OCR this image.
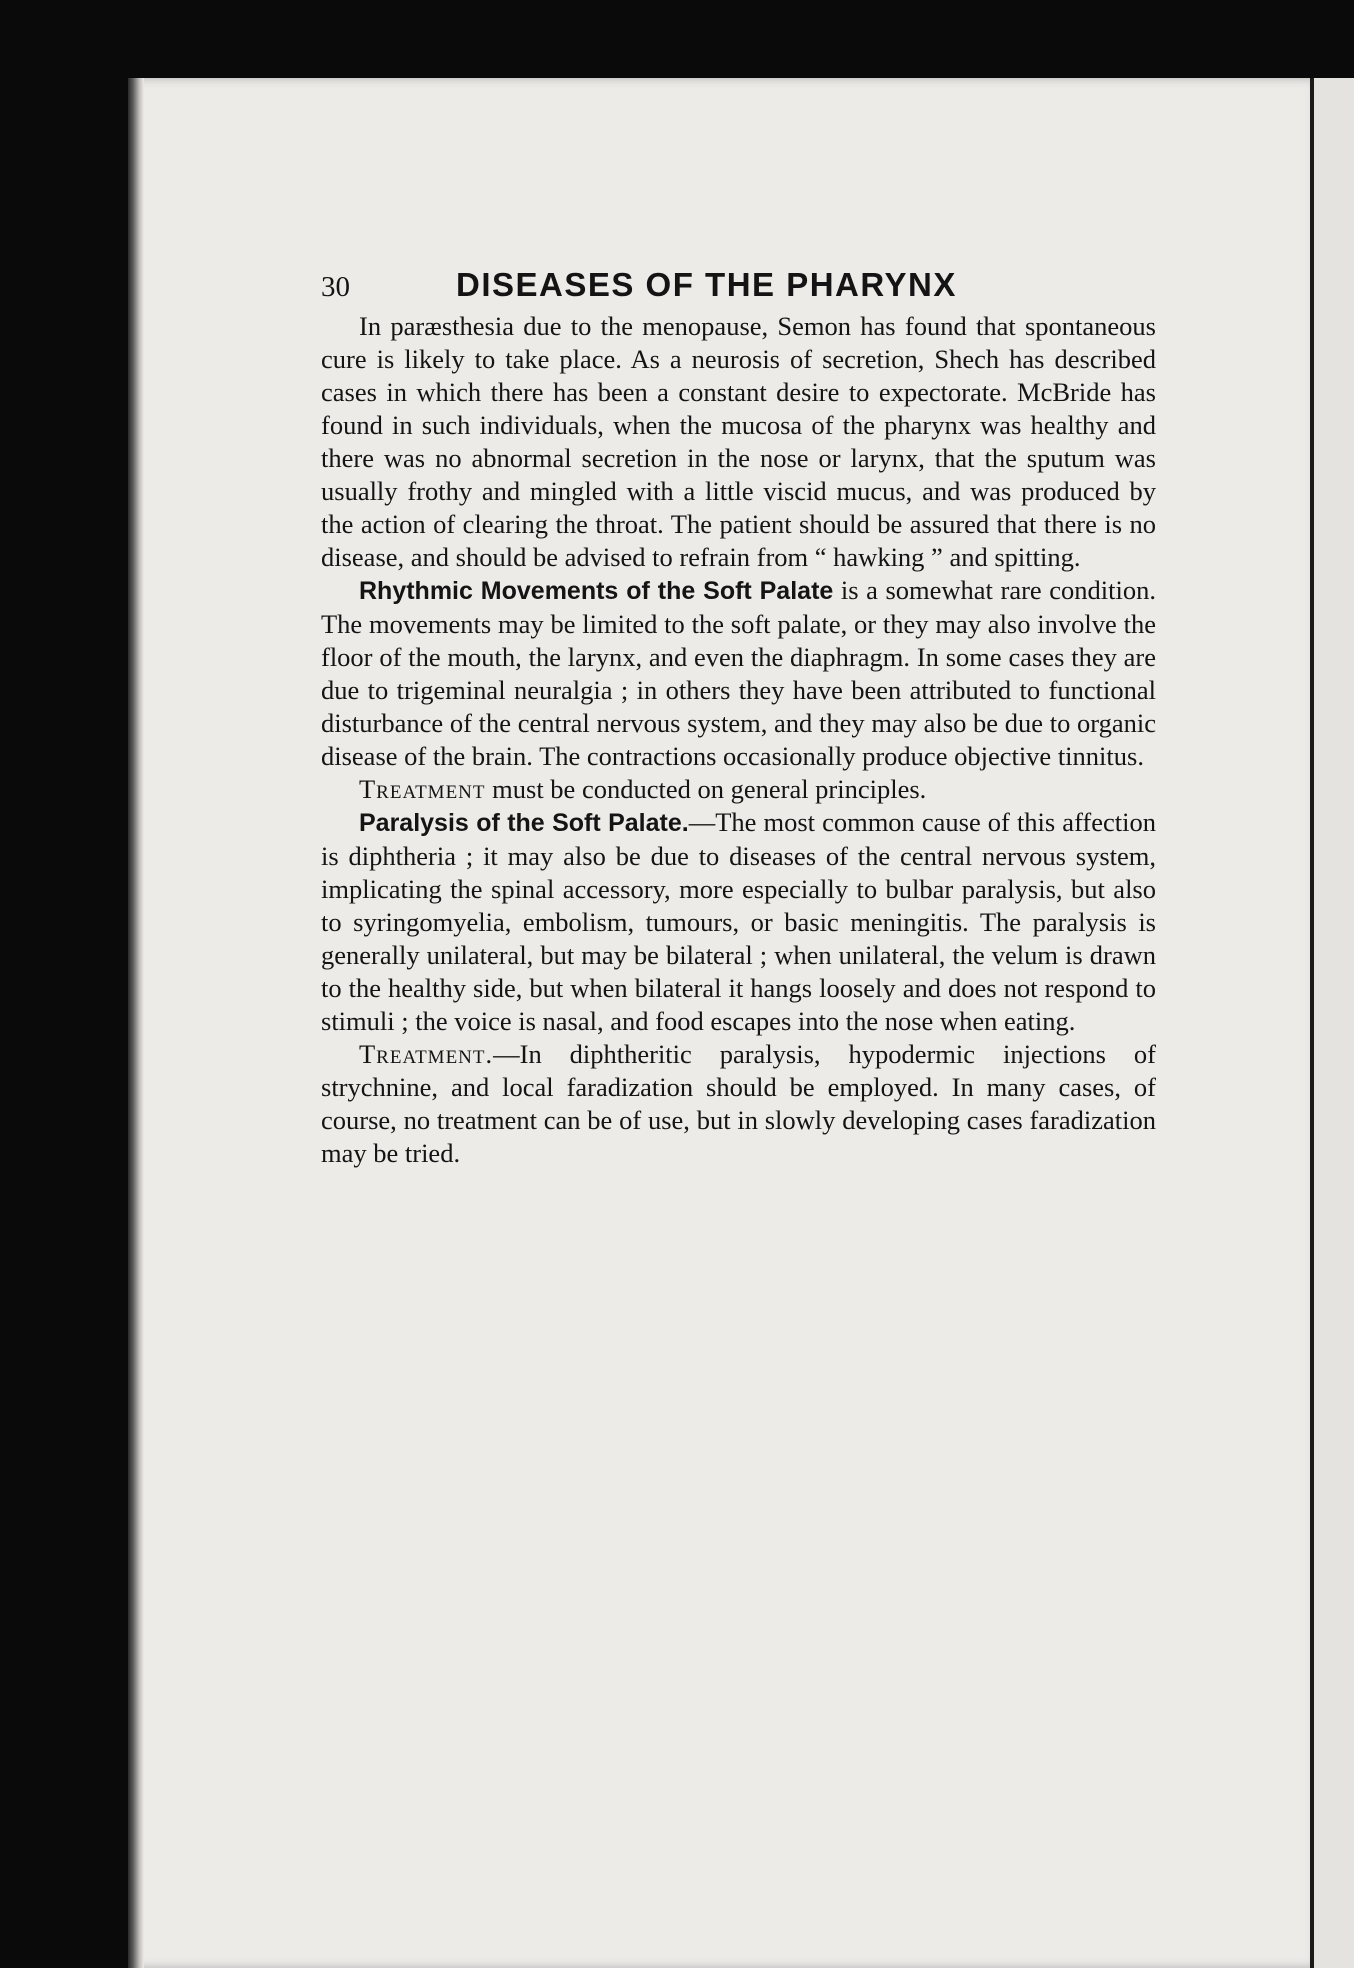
30	DISEASES OF THE PHARYNX

In paræsthesia due to the menopause, Semon has found that spontaneous cure is likely to take place. As a neurosis of secretion, Shech has described cases in which there has been a constant desire to expectorate. McBride has found in such individuals, when the mucosa of the pharynx was healthy and there was no abnormal secretion in the nose or larynx, that the sputum was usually frothy and mingled with a little viscid mucus, and was produced by the action of clearing the throat. The patient should be assured that there is no disease, and should be advised to refrain from “ hawking ” and spitting.

Rhythmic Movements of the Soft Palate is a somewhat rare condition. The movements may be limited to the soft palate, or they may also involve the floor of the mouth, the larynx, and even the diaphragm. In some cases they are due to trigeminal neuralgia ; in others they have been attributed to functional disturbance of the central nervous system, and they may also be due to organic disease of the brain. The contractions occasionally produce objective tinnitus.

Treatment must be conducted on general principles.

Paralysis of the Soft Palate.—The most common cause of this affection is diphtheria ; it may also be due to diseases of the central nervous system, implicating the spinal accessory, more especially to bulbar paralysis, but also to syringomyelia, embolism, tumours, or basic meningitis. The paralysis is generally unilateral, but may be bilateral ; when unilateral, the velum is drawn to the healthy side, but when bilateral it hangs loosely and does not respond to stimuli ; the voice is nasal, and food escapes into the nose when eating.

Treatment.—In diphtheritic paralysis, hypodermic injections of strychnine, and local faradization should be employed. In many cases, of course, no treatment can be of use, but in slowly developing cases faradization may be tried.
